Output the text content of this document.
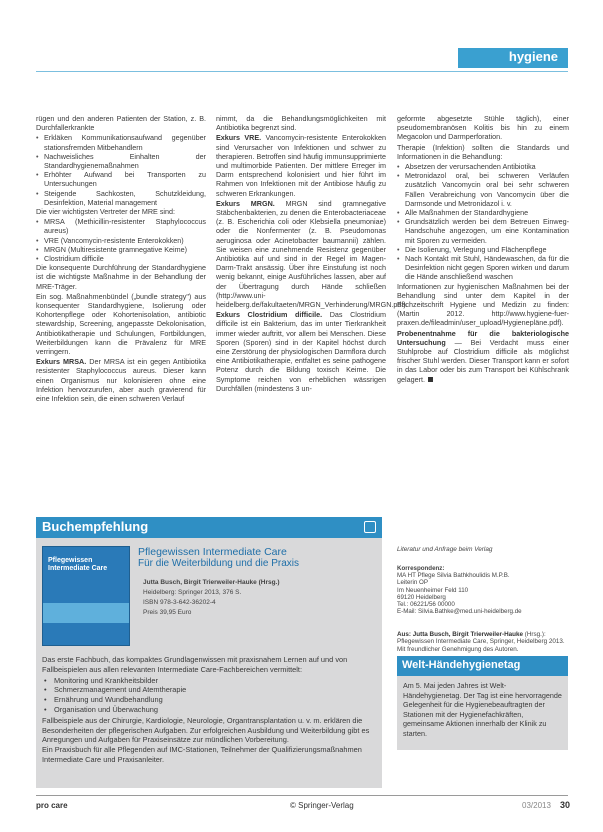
hygiene

rügen und den anderen Patienten der Station, z. B. Durchfallerkrankte

• Erkläken Kommunikationsaufwand gegenüber stationsfremden Mitbehandlern
• Nachweisliches Einhalten der Standardhygienemaßnahmen
• Erhöhter Aufwand bei Transporten zu Untersuchungen
• Steigende Sachkosten, Schutzkleidung, Desinfektion, Material management

Die vier wichtigsten Vertreter der MRE sind:

• MRSA (Methicillin-resistenter Staphylococcus aureus)
• VRE (Vancomycin-resistente Enterokokken)
• MRGN (Multiresistente gramnegative Keime)
• Clostridium difficile

Die konsequente Durchführung der Standardhygiene ist die wichtigste Maßnahme in der Behandlung der MRE-Träger.

Ein sog. Maßnahmenbündel („bundle strategy") aus konsequenter Standardhygiene, Isolierung oder Kohortenpflege oder Kohortenisolation, antibiotic stewardship, Screening, angepasste Dekolonisation, Antibiotikatherapie und Schulungen, Fortbildungen, Weiterbildungen kann die Prävalenz für MRE verringern.

Exkurs MRSA. Der MRSA ist ein gegen Antibiotika resistenter Staphylococcus aureus. Dieser kann einen Organismus nur kolonisieren ohne eine Infektion hervorzurufen, aber auch gravierend für eine Infektion sein, die einen schweren Verlauf

nimmt, da die Behandlungsmöglichkeiten mit Antibiotika begrenzt sind.

Exkurs VRE. Vancomycin-resistente Enterokokken sind Verursacher von Infektionen und schwer zu therapieren. Betroffen sind häufig immunsupprimierte und multimorbide Patienten. Der mittlere Erreger im Darm entsprechend kolonisiert und hier führt im Rahmen von Infektionen mit der Antibiose häufig zu schweren Erkrankungen.

Exkurs MRGN. MRGN sind gramnegative Stäbchenbakterien, zu denen die Enterobacteriaceae (z. B. Escherichia coli oder Klebsiella pneumoniae) oder die Nonfermenter (z. B. Pseudomonas aeruginosa oder Acinetobacter baumannii) zählen. Sie weisen eine zunehmende Resistenz gegenüber Antibiotika auf und sind in der Regel im Magen-Darm-Trakt ansässig. Über ihre Einstufung ist noch wenig bekannt, einige Ausführliches lassen, aber auf der Übertragung durch Hände schließen (http://www.uni-heidelberg.de/fakultaeten/MRGN_Verhinderung/MRGN.pdf).

Exkurs Clostridium difficile. Das Clostridium difficile ist ein Bakterium, das im unter Tierkrankheit immer wieder auftritt, vor allem bei Menschen. Diese Sporen (Sporen) sind in der Kapitel höchst durch eine Zerstörung der physiologischen Darmflora durch eine Antibiotikatherapie, entfaltet es seine pathogene Potenz durch die Bildung toxisch Keime. Die Symptome reichen von erheblichen wässrigen Durchfällen (mindestens 3 un-

geformte abgesetzte Stühle täglich), einer pseudomembranösen Kolitis bis hin zu einem Megacolon und Darmperforation.

Therapie (Infektion) sollten die Standards und Informationen in die Behandlung:

• Absetzen der verursachenden Antibiotika
• Metronidazol oral, bei schweren Verläufen zusätzlich Vancomycin oral bei sehr schweren Fällen Verabreichung von Vancomycin über die Darmsonde und Metronidazol i. v.
• Alle Maßnahmen der Standardhygiene
• Grundsätzlich werden bei dem Betreuen Einweg-Handschuhe angezogen, um eine Kontamination mit Sporen zu vermeiden.
• Die Isolierung, Verlegung und Flächenpflege
• Nach Kontakt mit Stuhl, Händewaschen, da für die Desinfektion nicht gegen Sporen wirken und darum die Hände anschließend waschen

Informationen zur hygienischen Maßnahmen bei der Behandlung sind unter dem Kapitel in der Fachzeitschrift Hygiene und Medizin zu finden: (Martin 2012. http://www.hygiene-fuer-praxen.de/fileadmin/user_upload/Hygienepläne.pdf).

Probenentnahme für die bakteriologische Untersuchung — Bei Verdacht muss einer Stuhlprobe auf Clostridium difficile als möglichst frischer Stuhl werden. Dieser Transport kann er sofort in das Labor oder bis zum Transport bei Kühlschrank gelagert.

Buchempfehlung
Pflegewissen Intermediate Care
Pflegewissen Intermediate Care
Für die Weiterbildung und die Praxis
Jutta Busch, Birgit Trierweiler-Hauke (Hrsg.)
Heidelberg: Springer 2013, 376 S.
ISBN 978-3-642-36202-4
Preis 39,95 Euro

Das erste Fachbuch, das kompaktes Grundlagenwissen mit praxisnahem Lernen auf und von Fallbeispielen aus allen relevanten Intermediate Care-Fachbereichen vermittelt:

• Monitoring und Krankheitsbilder
• Schmerzmanagement und Atemtherapie
• Ernährung und Wundbehandlung
• Organisation und Überwachung

Fallbeispiele aus der Chirurgie, Kardiologie, Neurologie, Organtransplantation u. v. m. erklären die Besonderheiten der pflegerischen Aufgaben. Zur erfolgreichen Ausbildung und Weiterbildung gibt es Anregungen und Aufgaben für Praxiseinsätze zur mündlichen Vorbereitung.

Ein Praxisbuch für alle Pflegenden auf IMC-Stationen, Teilnehmer der Qualifizierungsmaßnahmen Intermediate Care und Praxisanleiter.

Literatur und Anfrage beim Verlag
Korrespondenz:
MA HT Pflege Silvia Bathkhoulidis M.P.B.
Leiterin OP
Im Neuenheimer Feld 110
69120 Heidelberg
Tel.: 06221/56 00000
E-Mail: Silvia.Bathke@med.uni-heidelberg.de
Aus: Jutta Busch, Birgit Trierweiler-Hauke (Hrsg.): Pflegewissen Intermediate Care, Springer, Heidelberg 2013. Mit freundlicher Genehmigung des Autoren.
Welt-Händehygienetag
Am 5. Mai jeden Jahres ist Welt-Händehygienetag. Der Tag ist eine hervorragende Gelegenheit für die Hygienebeauftragten der Stationen mit der Hygienefachkräften, gemeinsame Aktionen innerhalb der Klinik zu starten.
pro care	© Springer-Verlag	03/2013 30
